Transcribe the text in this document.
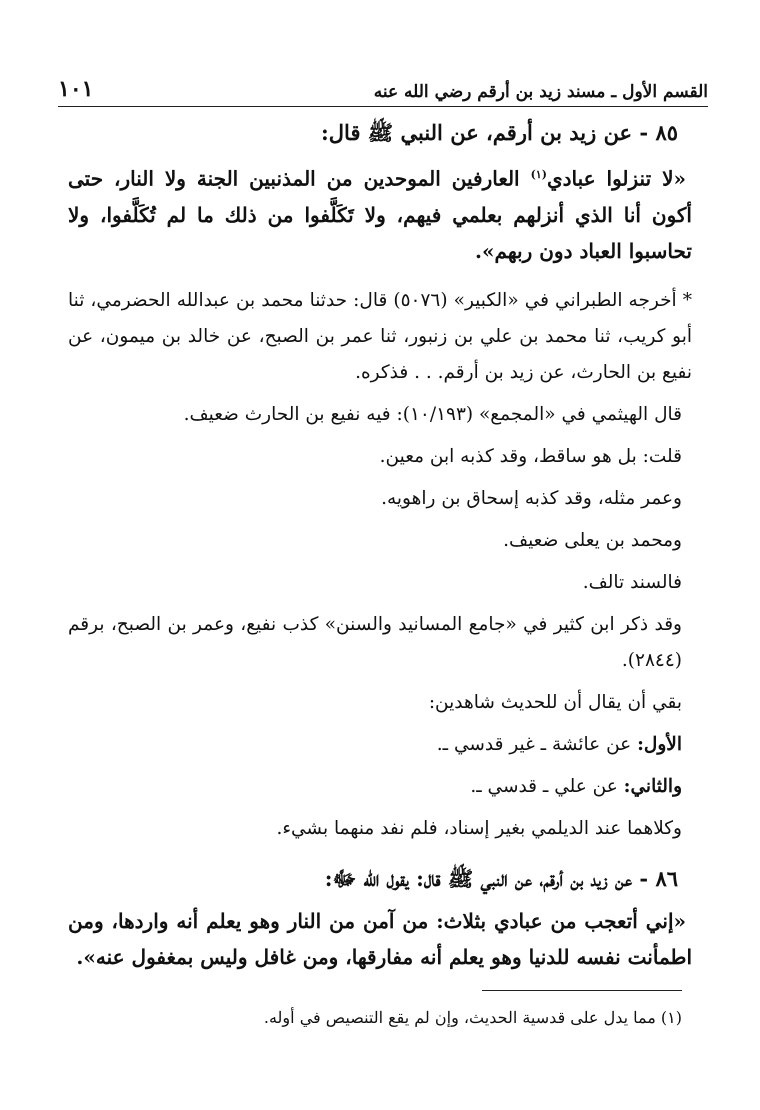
القسم الأول ـ مسند زيد بن أرقم رضي الله عنه
١٠١

٨٥ - عن زيد بن أرقم، عن النبي ﷺ قال:

«لا تنزلوا عبادي$^{(١)}$ العارفين الموحدين من المذنبين الجنة ولا النار، حتى أكون أنا الذي أنزلهم بعلمي فيهم، ولا تَكَلَّفوا من ذلك ما لم تُكَلَّفوا، ولا تحاسبوا العباد دون ربهم».

* أخرجه الطبراني في «الكبير» (٥٠٧٦) قال: حدثنا محمد بن عبدالله الحضرمي، ثنا أبو كريب، ثنا محمد بن علي بن زنبور، ثنا عمر بن الصبح، عن خالد بن ميمون، عن نفيع بن الحارث، عن زيد بن أرقم. . . فذكره.

قال الهيثمي في «المجمع» (١٠/١٩٣): فيه نفيع بن الحارث ضعيف.

قلت: بل هو ساقط، وقد كذبه ابن معين.

وعمر مثله، وقد كذبه إسحاق بن راهويه.

ومحمد بن يعلى ضعيف.

فالسند تالف.

وقد ذكر ابن كثير في «جامع المسانيد والسنن» كذب نفيع، وعمر بن الصبح، برقم (٢٨٤٤).

بقي أن يقال أن للحديث شاهدين:

الأول: عن عائشة ـ غير قدسي ـ.

والثاني: عن علي ـ قدسي ـ.

وكلاهما عند الديلمي بغير إسناد، فلم نفد منهما بشيء.

٨٦ - عن زيد بن أرقم، عن النبي ﷺ قال: يقول الله ﷻ:

«إني أتعجب من عبادي بثلاث: من آمن من النار وهو يعلم أنه واردها، ومن اطمأنت نفسه للدنيا وهو يعلم أنه مفارقها، ومن غافل وليس بمغفول عنه».

(١) مما يدل على قدسية الحديث، وإن لم يقع التنصيص في أوله.
